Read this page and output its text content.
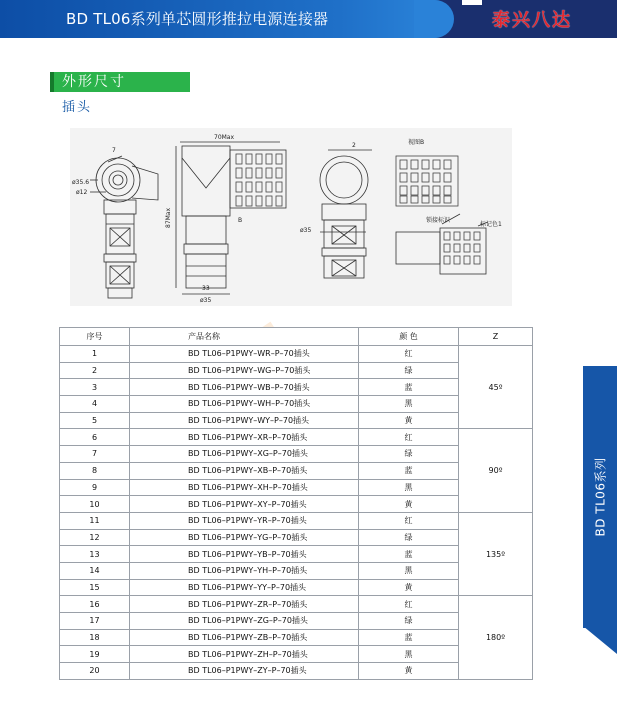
BD TL06系列单芯圆形推拉电源连接器	泰兴八达
外形尺寸
插头
7
ø35.6
ø12
70Max
87Max	B
33
ø35
2
ø35
视图B
锁接标识
标记色1
序号	产品名称	颜 色	Z
1	BD TL06–P1PWY–WR–P–70插头	红	45º
2	BD TL06–P1PWY–WG–P–70插头	绿	
3	BD TL06–P1PWY–WB–P–70插头	蓝	
4	BD TL06–P1PWY–WH–P–70插头	黑	
5	BD TL06–P1PWY–WY–P–70插头	黄	
6	BD TL06–P1PWY–XR–P–70插头	红	90º
7	BD TL06–P1PWY–XG–P–70插头	绿	
8	BD TL06–P1PWY–XB–P–70插头	蓝	
9	BD TL06–P1PWY–XH–P–70插头	黑	
10	BD TL06–P1PWY–XY–P–70插头	黄	
11	BD TL06–P1PWY–YR–P–70插头	红	135º
12	BD TL06–P1PWY–YG–P–70插头	绿	
13	BD TL06–P1PWY–YB–P–70插头	蓝	
14	BD TL06–P1PWY–YH–P–70插头	黑	
15	BD TL06–P1PWY–YY–P–70插头	黄	
16	BD TL06–P1PWY–ZR–P–70插头	红	180º
17	BD TL06–P1PWY–ZG–P–70插头	绿	
18	BD TL06–P1PWY–ZB–P–70插头	蓝	
19	BD TL06–P1PWY–ZH–P–70插头	黑	
20	BD TL06–P1PWY–ZY–P–70插头	黄	
BD TL06系列
